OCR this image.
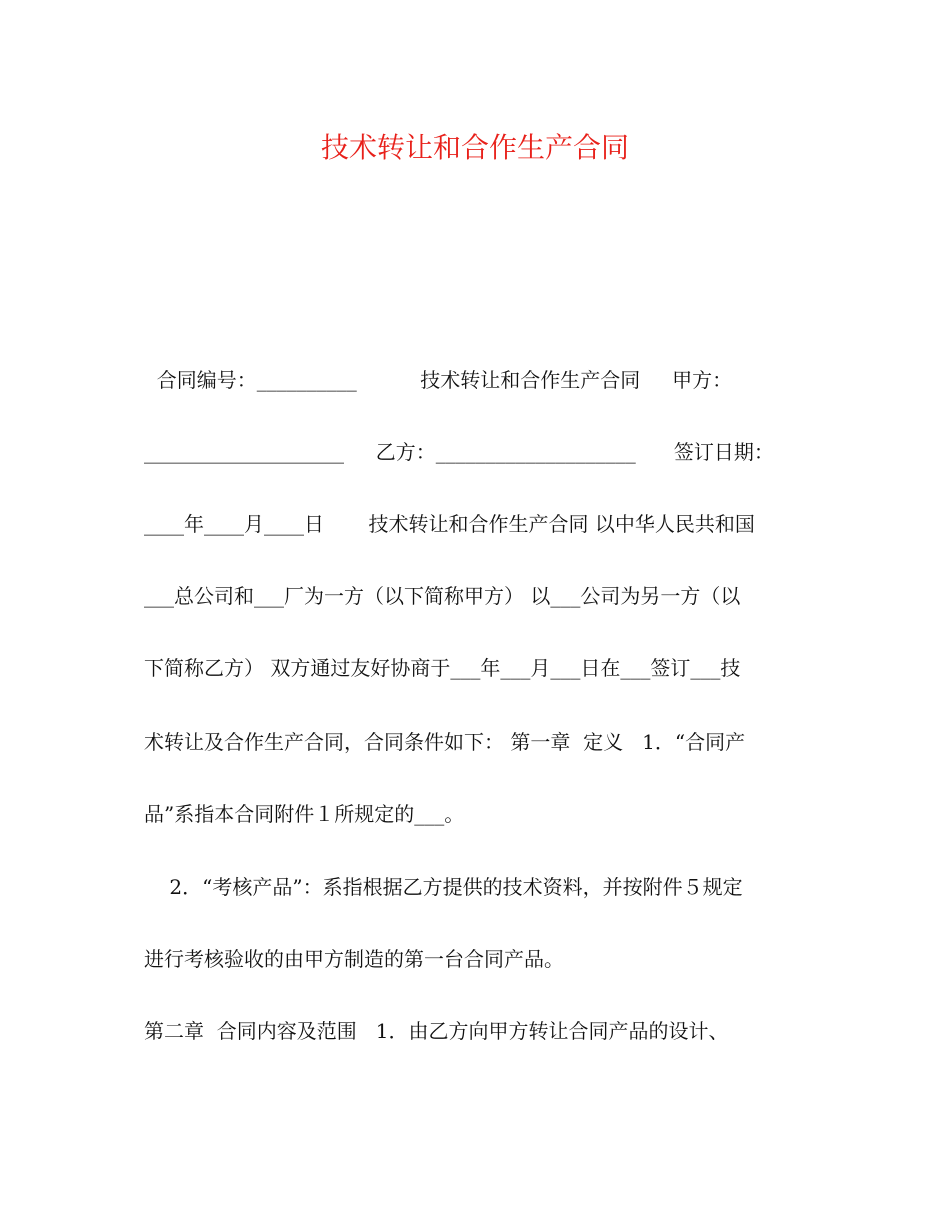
技术转让和合作生产合同
合同编号：__________          技术转让和合作生产合同     甲方：
____________________     乙方：____________________      签订日期：
____年____月____日       技术转让和合作生产合同 以中华人民共和国
___总公司和___厂为一方（以下简称甲方） 以___公司为另一方（以
下简称乙方） 双方通过友好协商于___年___月___日在___签订___技
术转让及合作生产合同，合同条件如下： 第一章  定义   1．“合同产
品”系指本合同附件１所规定的___。
2．“考核产品”：系指根据乙方提供的技术资料，并按附件５规定
进行考核验收的由甲方制造的第一台合同产品。
第二章  合同内容及范围   1．由乙方向甲方转让合同产品的设计、
